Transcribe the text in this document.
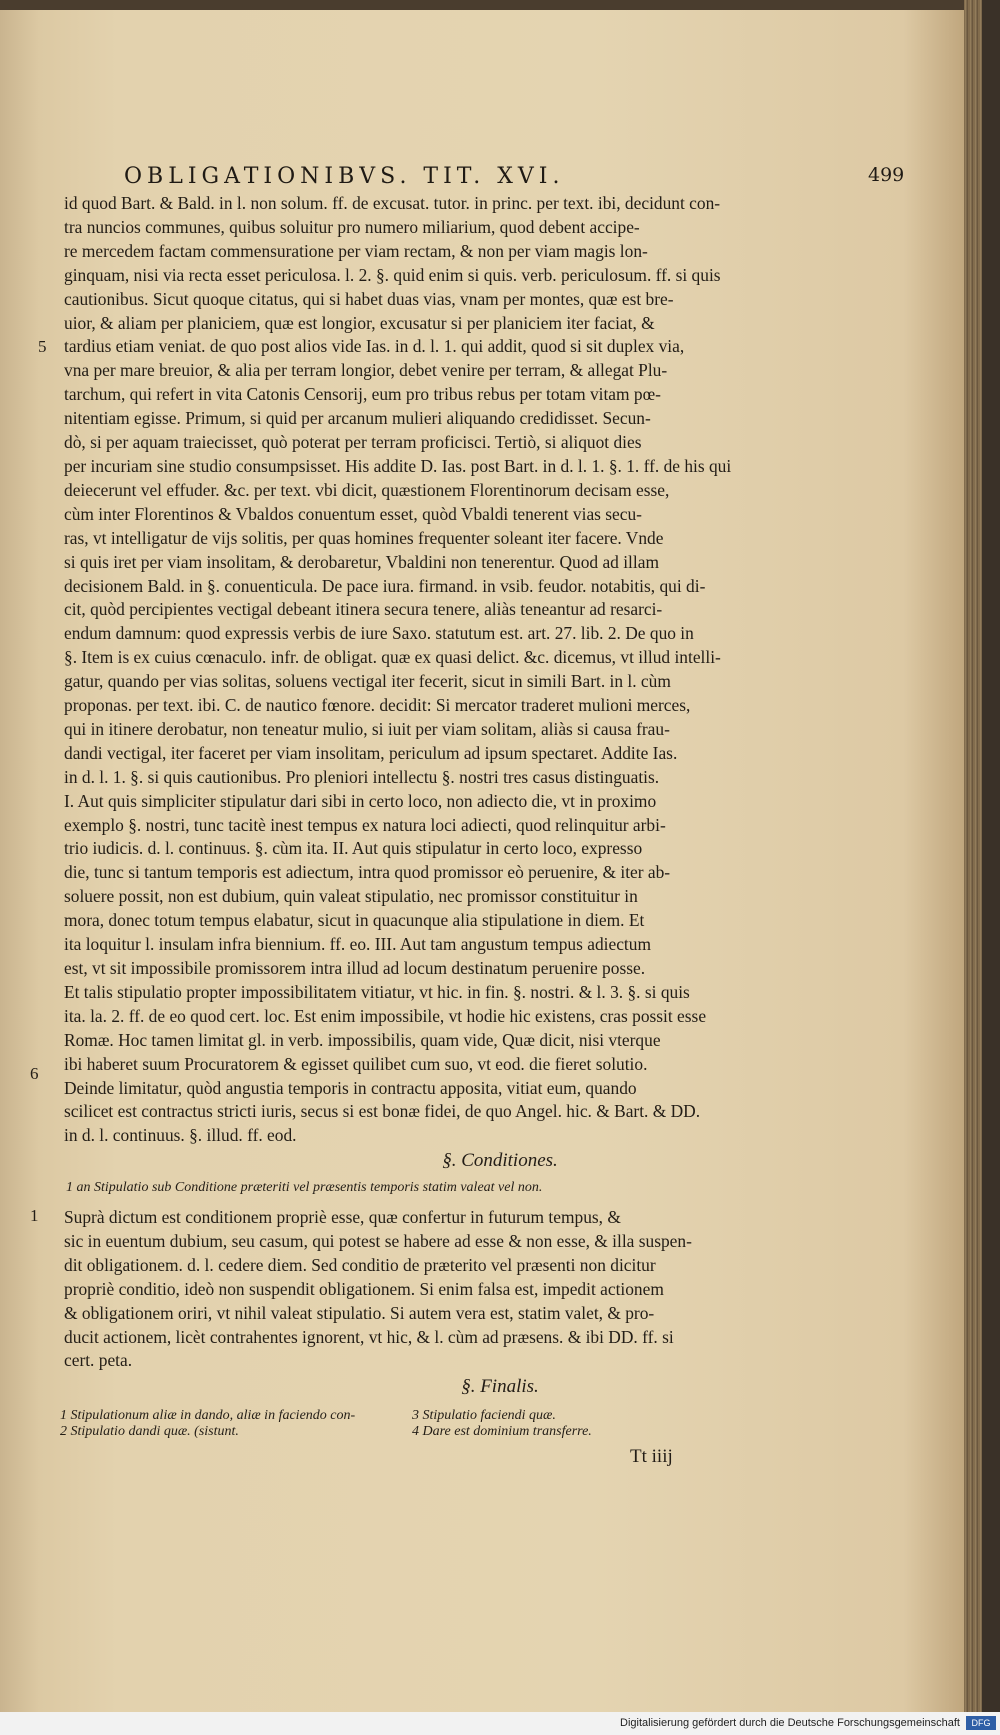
OBLIGATIONIBVS. TIT. XVI.	499

id quod Bart. & Bald. in l. non solum. ff. de excusat. tutor. in princ. per text. ibi, decidunt con-

tra nuncios communes, quibus soluitur pro numero miliarium, quod debent accipe-

re mercedem factam commensuratione per viam rectam, & non per viam magis lon-

ginquam, nisi via recta esset periculosa. l. 2. §. quid enim si quis. verb. periculosum. ff. si quis

cautionibus. Sicut quoque citatus, qui si habet duas vias, vnam per montes, quæ est bre-

uior, & aliam per planiciem, quæ est longior, excusatur si per planiciem iter faciat, &

tardius etiam veniat. de quo post alios vide Ias. in d. l. 1. qui addit, quod si sit duplex via,

vna per mare breuior, & alia per terram longior, debet venire per terram, & allegat Plu-

tarchum, qui refert in vita Catonis Censorij, eum pro tribus rebus per totam vitam pœ-

nitentiam egisse. Primum, si quid per arcanum mulieri aliquando credidisset. Secun-

dò, si per aquam traiecisset, quò poterat per terram proficisci. Tertiò, si aliquot dies

per incuriam sine studio consumpsisset. His addite D. Ias. post Bart. in d. l. 1. §. 1. ff. de his qui

deiecerunt vel effuder. &c. per text. vbi dicit, quæstionem Florentinorum decisam esse,

cùm inter Florentinos & Vbaldos conuentum esset, quòd Vbaldi tenerent vias secu-

ras, vt intelligatur de vijs solitis, per quas homines frequenter soleant iter facere. Vnde

si quis iret per viam insolitam, & derobaretur, Vbaldini non tenerentur. Quod ad illam

decisionem Bald. in §. conuenticula. De pace iura. firmand. in vsib. feudor. notabitis, qui di-

cit, quòd percipientes vectigal debeant itinera secura tenere, aliàs teneantur ad resarci-

endum damnum: quod expressis verbis de iure Saxo. statutum est. art. 27. lib. 2. De quo in

§. Item is ex cuius cœnaculo. infr. de obligat. quæ ex quasi delict. &c. dicemus, vt illud intelli-

gatur, quando per vias solitas, soluens vectigal iter fecerit, sicut in simili Bart. in l. cùm

proponas. per text. ibi. C. de nautico fœnore. decidit: Si mercator traderet mulioni merces,

qui in itinere derobatur, non teneatur mulio, si iuit per viam solitam, aliàs si causa frau-

dandi vectigal, iter faceret per viam insolitam, periculum ad ipsum spectaret. Addite Ias.

in d. l. 1. §. si quis cautionibus. Pro pleniori intellectu §. nostri tres casus distinguatis.

I. Aut quis simpliciter stipulatur dari sibi in certo loco, non adiecto die, vt in proximo

exemplo §. nostri, tunc tacitè inest tempus ex natura loci adiecti, quod relinquitur arbi-

trio iudicis. d. l. continuus. §. cùm ita. II. Aut quis stipulatur in certo loco, expresso

die, tunc si tantum temporis est adiectum, intra quod promissor eò peruenire, & iter ab-

soluere possit, non est dubium, quin valeat stipulatio, nec promissor constituitur in

mora, donec totum tempus elabatur, sicut in quacunque alia stipulatione in diem. Et

ita loquitur l. insulam infra biennium. ff. eo. III. Aut tam angustum tempus adiectum

est, vt sit impossibile promissorem intra illud ad locum destinatum peruenire posse.

Et talis stipulatio propter impossibilitatem vitiatur, vt hic. in fin. §. nostri. & l. 3. §. si quis

ita. la. 2. ff. de eo quod cert. loc. Est enim impossibile, vt hodie hic existens, cras possit esse

Romæ. Hoc tamen limitat gl. in verb. impossibilis, quam vide, Quæ dicit, nisi vterque

ibi haberet suum Procuratorem & egisset quilibet cum suo, vt eod. die fieret solutio.

Deinde limitatur, quòd angustia temporis in contractu apposita, vitiat eum, quando

scilicet est contractus stricti iuris, secus si est bonæ fidei, de quo Angel. hic. & Bart. & DD.

in d. l. continuus. §. illud. ff. eod.

5
6
§. Conditiones.
1 an Stipulatio sub Conditione præteriti vel præsentis temporis statim valeat vel non.
1 Suprà dictum est conditionem propriè esse, quæ confertur in futurum tempus, &

sic in euentum dubium, seu casum, qui potest se habere ad esse & non esse, & illa suspen-

dit obligationem. d. l. cedere diem. Sed conditio de præterito vel præsenti non dicitur

propriè conditio, ideò non suspendit obligationem. Si enim falsa est, impedit actionem

& obligationem oriri, vt nihil valeat stipulatio. Si autem vera est, statim valet, & pro-

ducit actionem, licèt contrahentes ignorent, vt hic, & l. cùm ad præsens. & ibi DD. ff. si

cert. peta.

§. Finalis.
1 Stipulationum aliæ in dando, aliæ in faciendo con-
2 Stipulatio dandi quæ. (sistunt.
3 Stipulatio faciendi quæ.
4 Dare est dominium transferre.
Tt iiij
Digitalisierung gefördert durch die Deutsche Forschungsgemeinschaft	DFG
